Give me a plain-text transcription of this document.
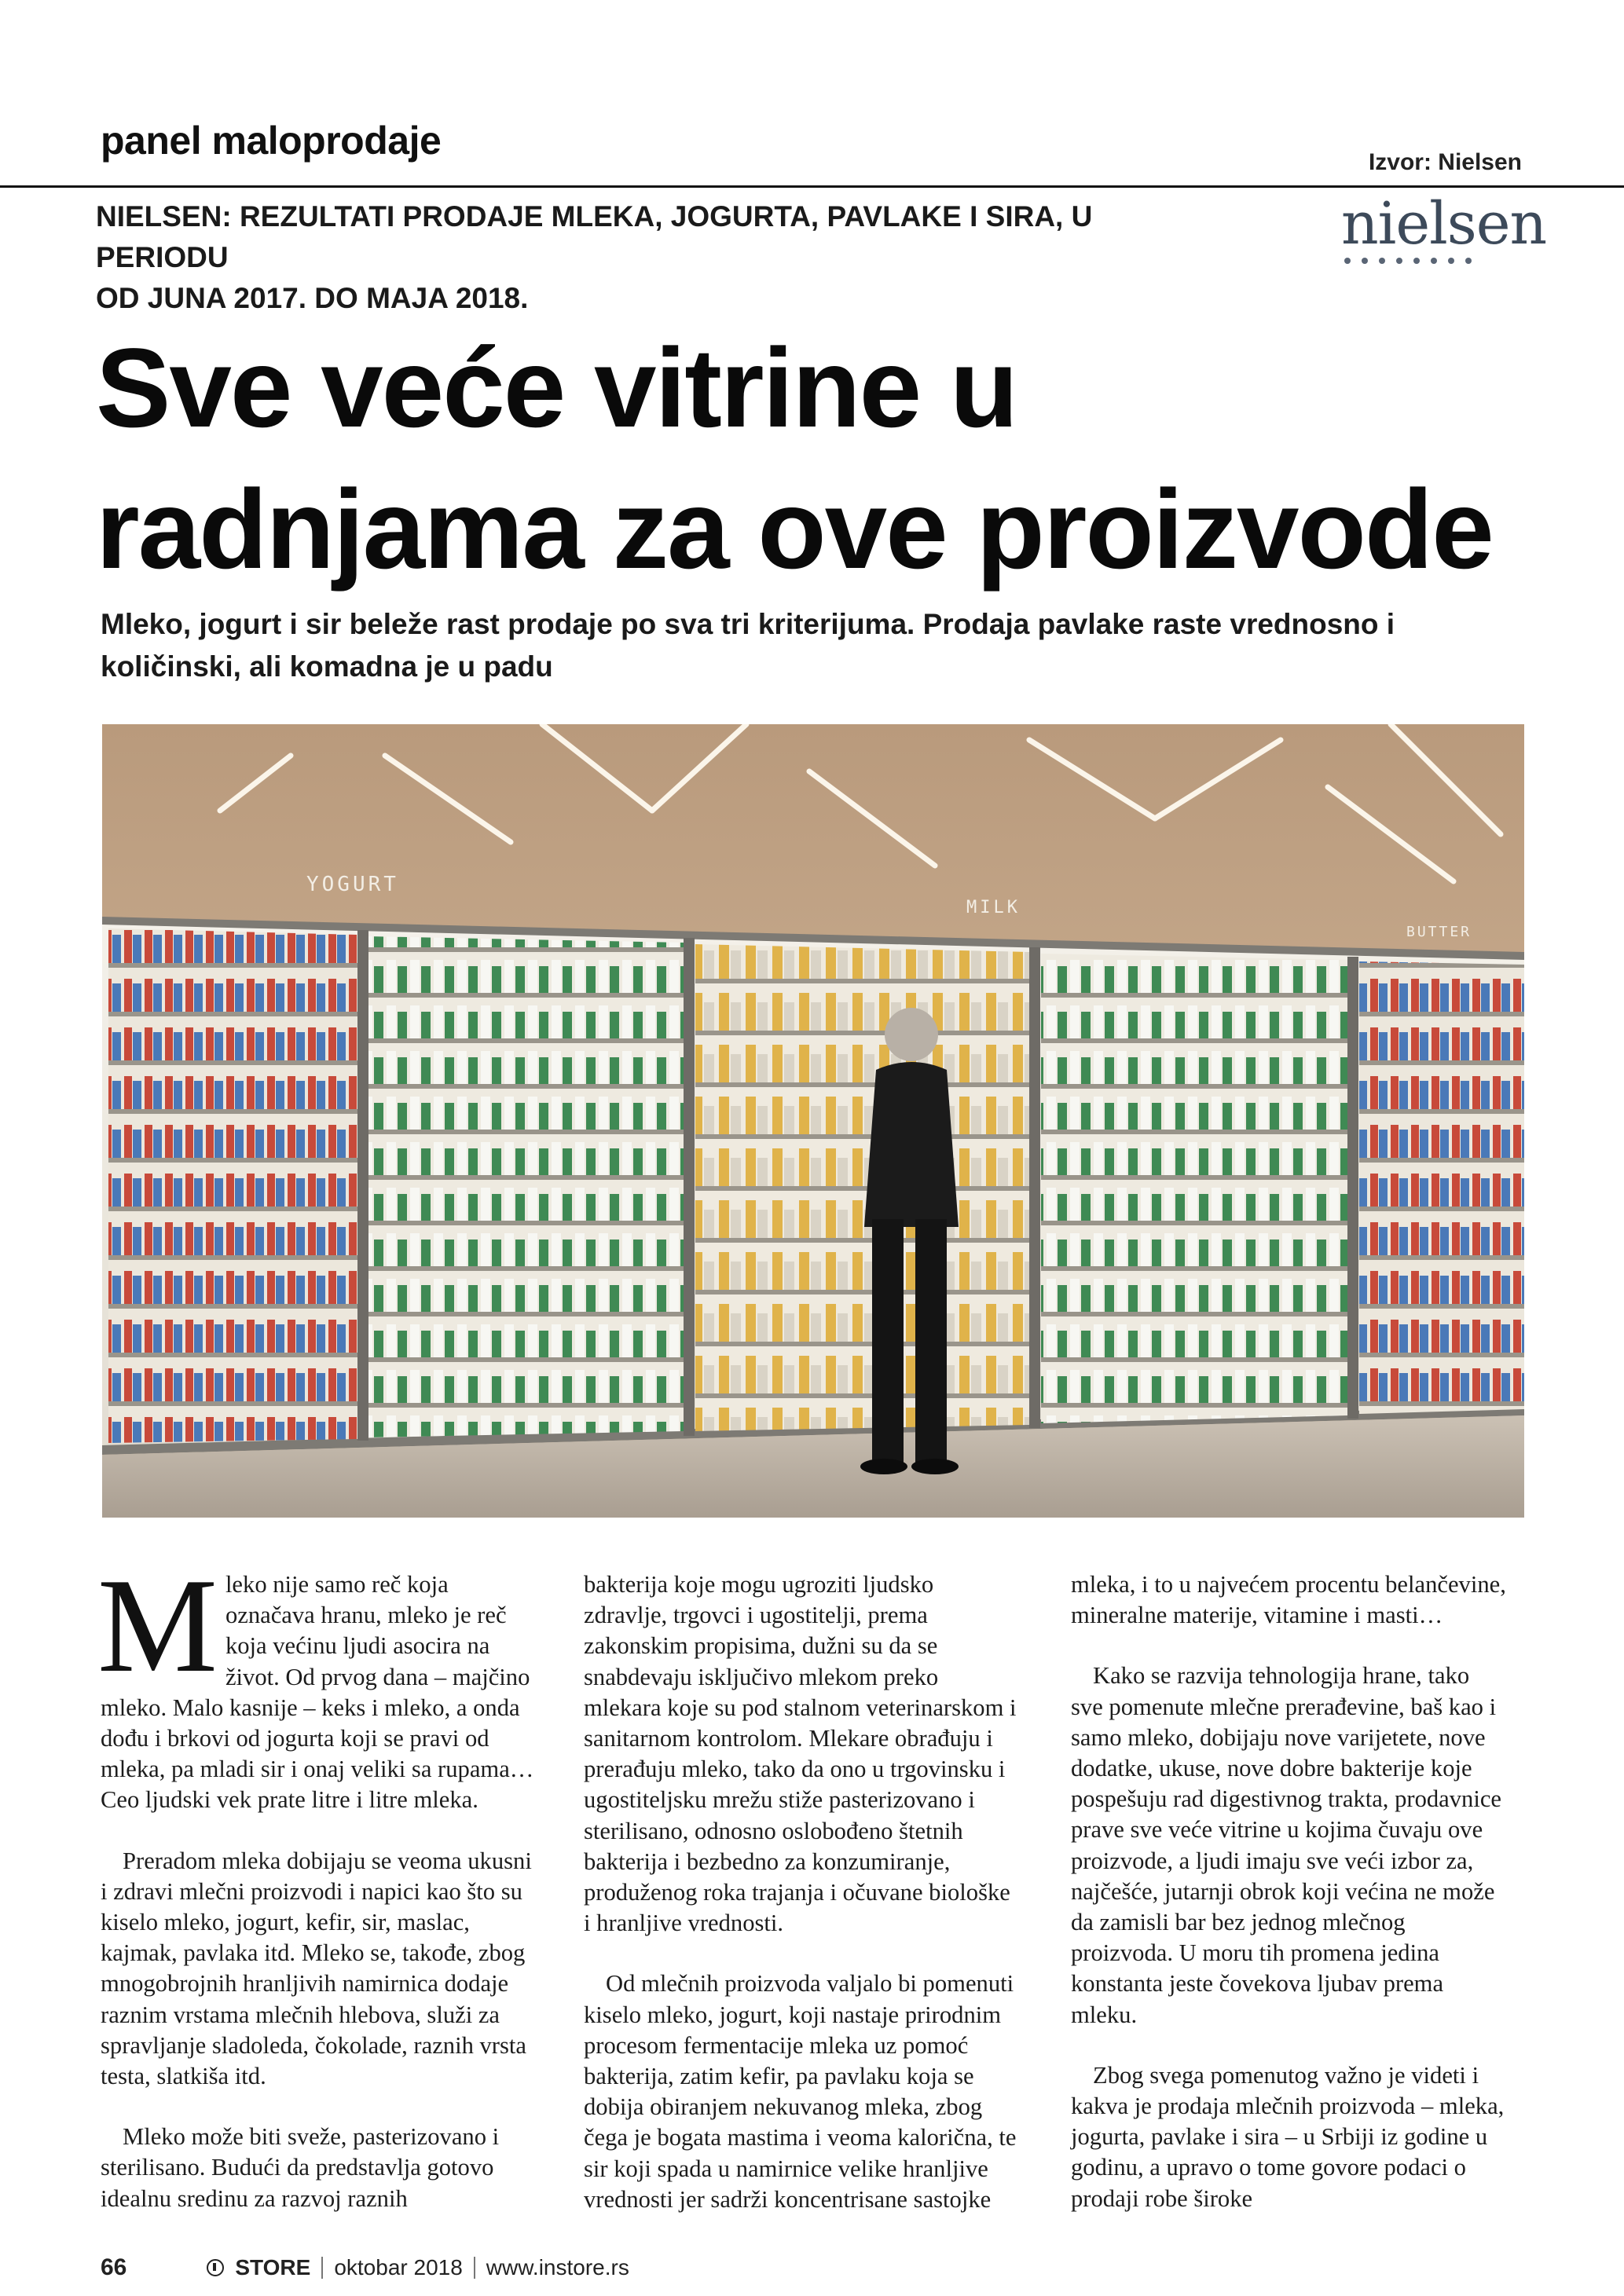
panel maloprodaje	Izvor: Nielsen
NIELSEN: REZULTATI PRODAJE MLEKA, JOGURTA, PAVLAKE I SIRA, U PERIODU
OD JUNA 2017. DO MAJA 2018.
nielsen
Sve veće vitrine u
radnjama za ove proizvode
Mleko, jogurt i sir beleže rast prodaje po sva tri kriterijuma. Prodaja pavlake raste vrednosno i
količinski, ali komadna je u padu
YOGURT
MILK
BUTTER

Mleko nije samo reč koja označava hranu, mleko je reč koja većinu ljudi asocira na život. Od prvog dana – majčino mleko. Malo kasnije – keks i mleko, a onda dođu i brkovi od jogurta koji se pravi od mleka, pa mladi sir i onaj veliki sa rupama… Ceo ljudski vek prate litre i litre mleka.

Preradom mleka dobijaju se veoma ukusni i zdravi mlečni proizvodi i napici kao što su kiselo mleko, jogurt, kefir, sir, maslac, kajmak, pavlaka itd. Mleko se, takođe, zbog mnogobrojnih hranljivih namirnica dodaje raznim vrstama mlečnih hlebova, služi za spravljanje sladoleda, čokolade, raznih vrsta testa, slatkiša itd.

Mleko može biti sveže, pasterizovano i sterilisano. Budući da predstavlja gotovo idealnu sredinu za razvoj raznih

bakterija koje mogu ugroziti ljudsko zdravlje, trgovci i ugostitelji, prema zakonskim propisima, dužni su da se snabdevaju isključivo mlekom preko mlekara koje su pod stalnom veterinarskom i sanitarnom kontrolom. Mlekare obrađuju i prerađuju mleko, tako da ono u trgovinsku i ugostiteljsku mrežu stiže pasterizovano i sterilisano, odnosno oslobođeno štetnih bakterija i bezbedno za konzumiranje, produženog roka trajanja i očuvane biološke i hranljive vrednosti.

Od mlečnih proizvoda valjalo bi pomenuti kiselo mleko, jogurt, koji nastaje prirodnim procesom fermentacije mleka uz pomoć bakterija, zatim kefir, pa pavlaku koja se dobija obiranjem nekuvanog mleka, zbog čega je bogata mastima i veoma kalorična, te sir koji spada u namirnice velike hranljive vrednosti jer sadrži koncentrisane sastojke

mleka, i to u najvećem procentu belančevine, mineralne materije, vitamine i masti…

Kako se razvija tehnologija hrane, tako sve pomenute mlečne prerađevine, baš kao i samo mleko, dobijaju nove varijetete, nove dodatke, ukuse, nove dobre bakterije koje pospešuju rad digestivnog trakta, prodavnice prave sve veće vitrine u kojima čuvaju ove proizvode, a ljudi imaju sve veći izbor za, najčešće, jutarnji obrok koji većina ne može da zamisli bar bez jednog mlečnog proizvoda. U moru tih promena jedina konstanta jeste čovekova ljubav prema mleku.

Zbog svega pomenutog važno je videti i kakva je prodaja mlečnih proizvoda – mleka, jogurta, pavlake i sira – u Srbiji iz godine u godinu, a upravo o tome govore podaci o prodaji robe široke

66	STORE oktobar 2018 www.instore.rs
